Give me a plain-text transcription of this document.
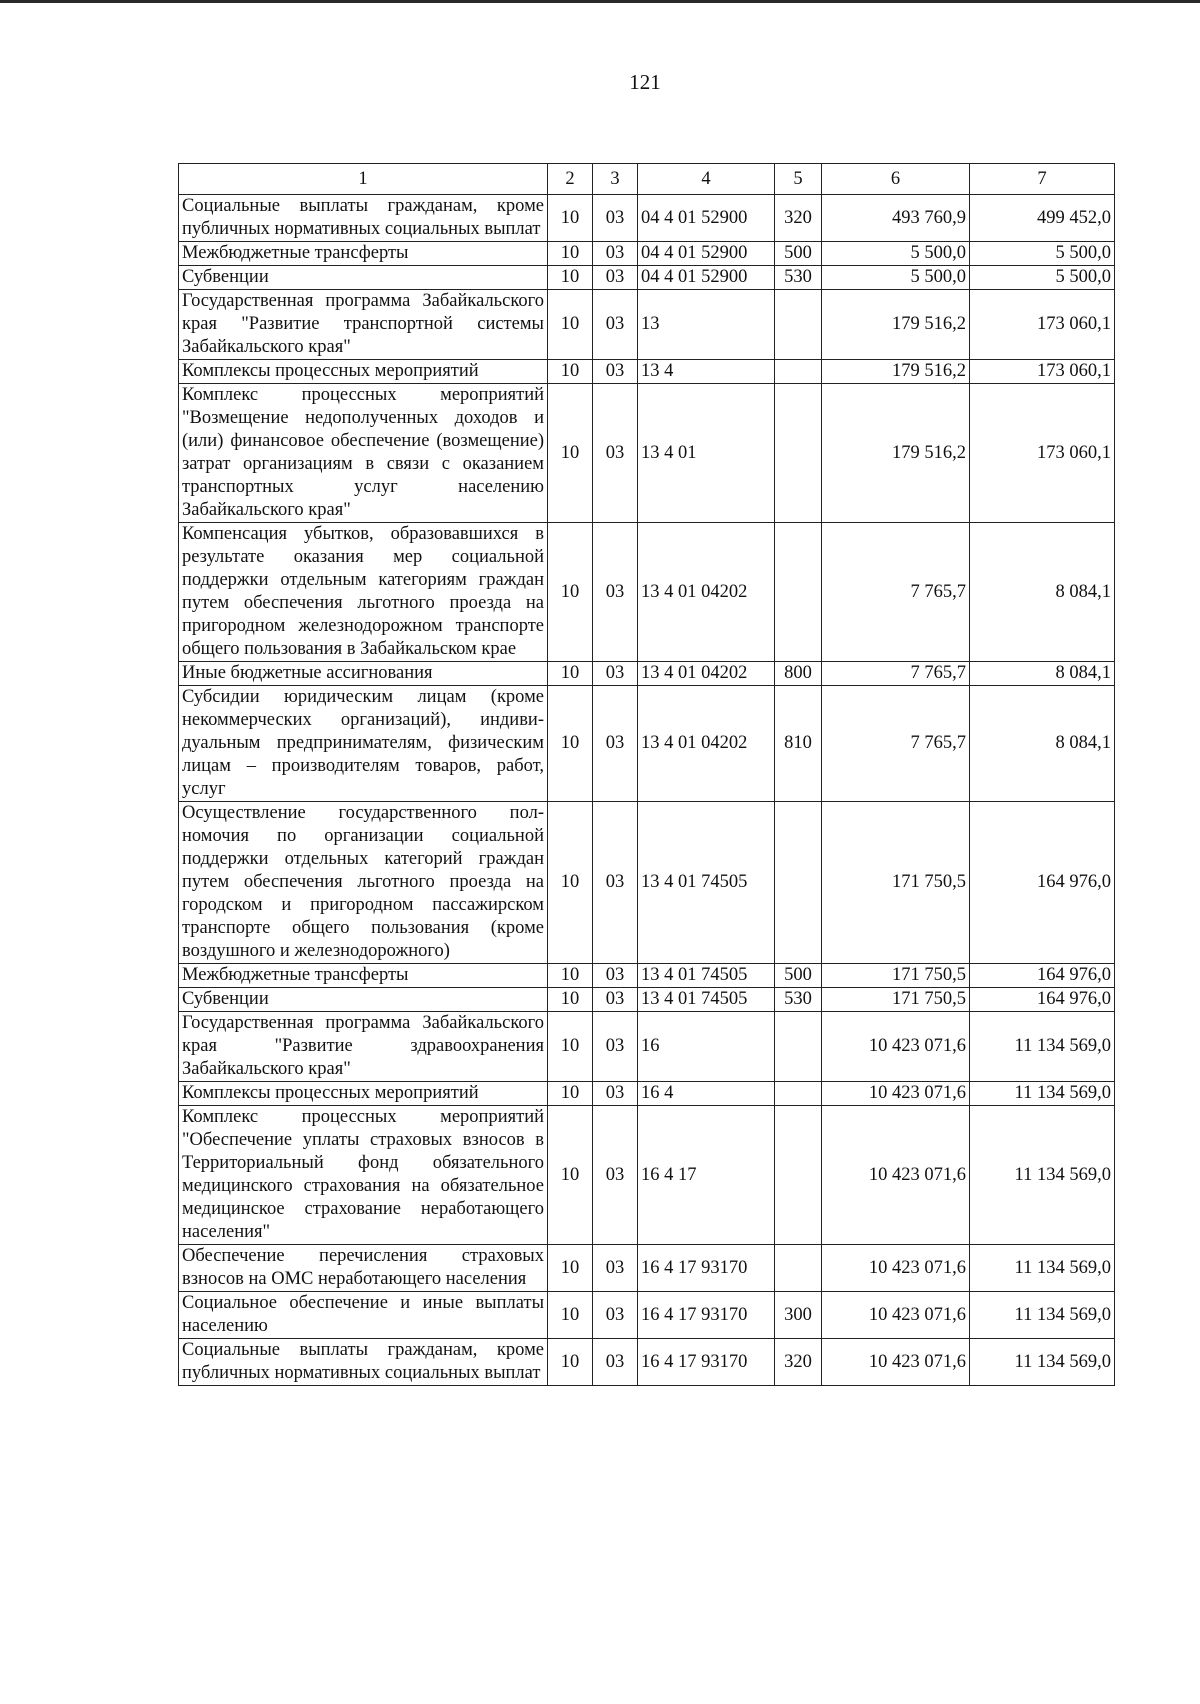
121
1	2	3	4	5	6	7
Социальные выплаты гражданам, кроме публичных нормативных социальных выплат	10	03	04 4 01 52900	320	493 760,9	499 452,0
Межбюджетные трансферты	10	03	04 4 01 52900	500	5 500,0	5 500,0
Субвенции	10	03	04 4 01 52900	530	5 500,0	5 500,0
Государственная программа Забайкальского края "Развитие транспортной системы Забайкальского края"	10	03	13		179 516,2	173 060,1
Комплексы процессных мероприятий	10	03	13 4		179 516,2	173 060,1
Комплекс процессных мероприятий "Возмещение недополученных доходов и (или) финансовое обеспечение (возмещение) затрат организациям в связи с оказанием транспортных услуг населению Забайкальского края"	10	03	13 4 01		179 516,2	173 060,1
Компенсация убытков, образовавшихся в результате оказания мер социальной поддержки отдельным категориям граждан путем обеспечения льготного проезда на пригородном железнодорожном транспорте общего пользования в Забайкальском крае	10	03	13 4 01 04202		7 765,7	8 084,1
Иные бюджетные ассигнования	10	03	13 4 01 04202	800	7 765,7	8 084,1
Субсидии юридическим лицам (кроме некоммерческих организаций), индивидуальным предпринимателям, физическим лицам – производителям товаров, работ, услуг	10	03	13 4 01 04202	810	7 765,7	8 084,1
Осуществление государственного полномочия по организации социальной поддержки отдельных категорий граждан путем обеспечения льготного проезда на городском и пригородном пассажирском транспорте общего пользования (кроме воздушного и железнодорожного)	10	03	13 4 01 74505		171 750,5	164 976,0
Межбюджетные трансферты	10	03	13 4 01 74505	500	171 750,5	164 976,0
Субвенции	10	03	13 4 01 74505	530	171 750,5	164 976,0
Государственная программа Забайкальского края "Развитие здравоохранения Забайкальского края"	10	03	16		10 423 071,6	11 134 569,0
Комплексы процессных мероприятий	10	03	16 4		10 423 071,6	11 134 569,0
Комплекс процессных мероприятий "Обеспечение уплаты страховых взносов в Территориальный фонд обязательного медицинского страхования на обязательное медицинское страхование неработающего населения"	10	03	16 4 17		10 423 071,6	11 134 569,0
Обеспечение перечисления страховых взносов на ОМС неработающего населения	10	03	16 4 17 93170		10 423 071,6	11 134 569,0
Социальное обеспечение и иные выплаты населению	10	03	16 4 17 93170	300	10 423 071,6	11 134 569,0
Социальные выплаты гражданам, кроме публичных нормативных социальных выплат	10	03	16 4 17 93170	320	10 423 071,6	11 134 569,0
